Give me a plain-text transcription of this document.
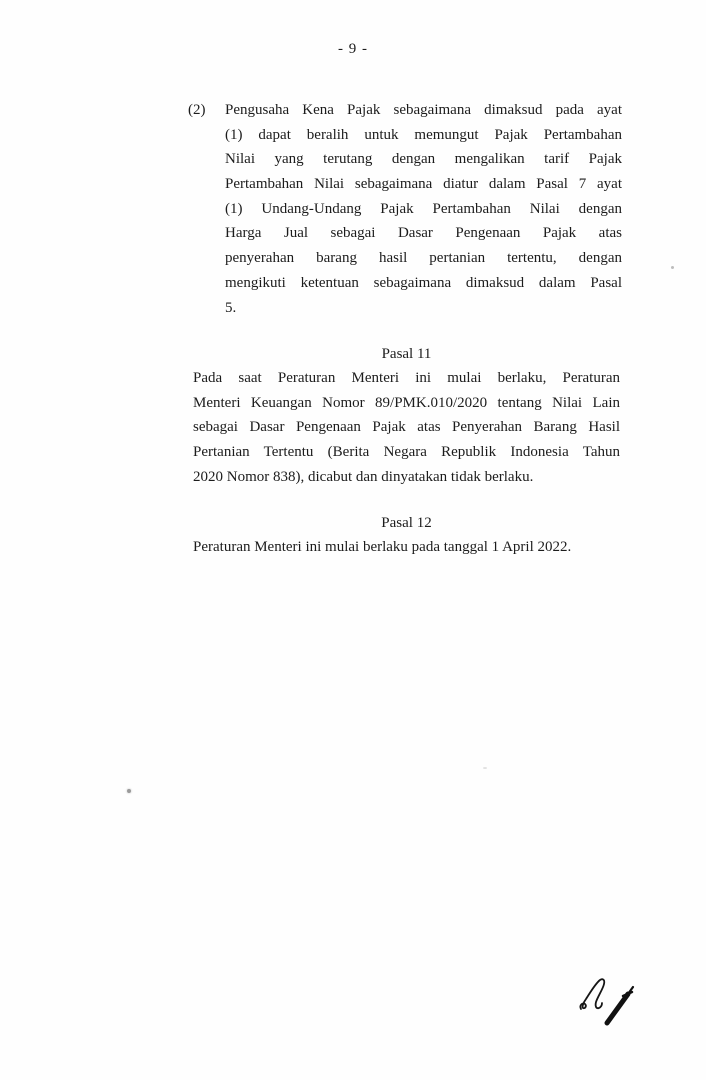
- 9 -
(2)	Pengusaha Kena Pajak sebagaimana dimaksud pada ayat
(1) dapat beralih untuk memungut Pajak Pertambahan
Nilai yang terutang dengan mengalikan tarif Pajak
Pertambahan Nilai sebagaimana diatur dalam Pasal 7 ayat
(1) Undang-Undang Pajak Pertambahan Nilai dengan
Harga Jual sebagai Dasar Pengenaan Pajak atas
penyerahan barang hasil pertanian tertentu, dengan
mengikuti ketentuan sebagaimana dimaksud dalam Pasal
5.
Pasal 11
Pada saat Peraturan Menteri ini mulai berlaku, Peraturan
Menteri Keuangan Nomor 89/PMK.010/2020 tentang Nilai Lain
sebagai Dasar Pengenaan Pajak atas Penyerahan Barang Hasil
Pertanian Tertentu (Berita Negara Republik Indonesia Tahun
2020 Nomor 838), dicabut dan dinyatakan tidak berlaku.
Pasal 12
Peraturan Menteri ini mulai berlaku pada tanggal 1 April 2022.
